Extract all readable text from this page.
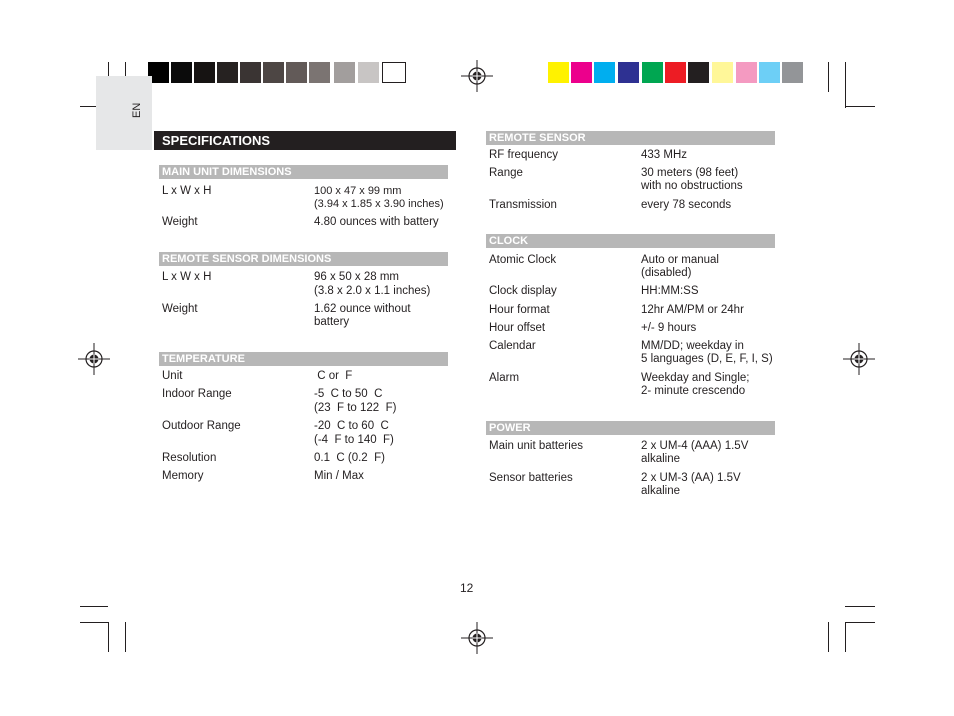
EN
SPECIFICATIONS
MAIN UNIT DIMENSIONS
L x W x H	100 x 47 x 99 mm
(3.94 x 1.85 x 3.90 inches)
Weight	4.80 ounces with battery
REMOTE SENSOR DIMENSIONS
L x W x H	96 x 50 x 28 mm
(3.8 x 2.0 x 1.1 inches)
Weight	1.62 ounce without
battery
TEMPERATURE
Unit	C or  F
Indoor Range	-5  C to 50  C
(23  F to 122  F)
Outdoor Range	-20  C to 60  C
(-4  F to 140  F)
Resolution	0.1  C (0.2  F)
Memory	Min / Max
REMOTE SENSOR
RF frequency	433 MHz
Range	30 meters (98 feet)
with no obstructions
Transmission	every 78 seconds
CLOCK
Atomic Clock	Auto or manual
(disabled)
Clock display	HH:MM:SS
Hour format	12hr AM/PM or 24hr
Hour offset	+/- 9 hours
Calendar	MM/DD; weekday in
5 languages (D, E, F, I, S)
Alarm	Weekday and Single;
2- minute crescendo
POWER
Main unit batteries	2 x UM-4 (AAA) 1.5V
alkaline
Sensor batteries	2 x UM-3 (AA) 1.5V
alkaline
12
